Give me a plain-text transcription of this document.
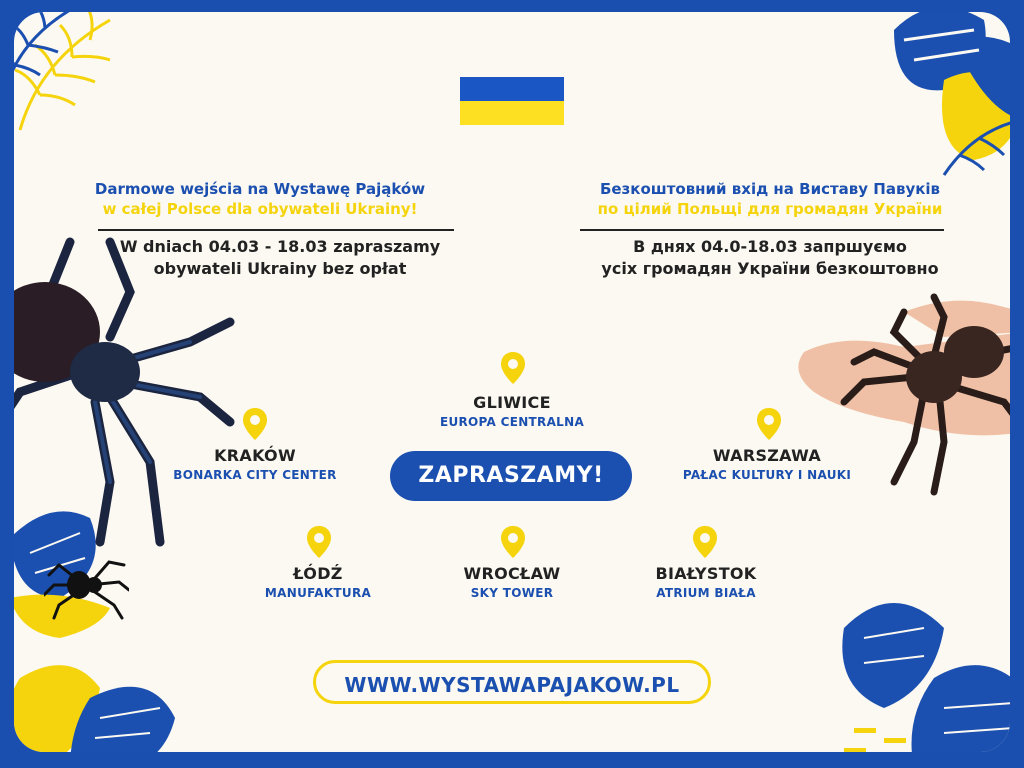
Darmowe wejścia na Wystawę Pająków
w całej Polsce dla obywateli Ukrainy!
W dniach 04.03 - 18.03 zapraszamy
obywateli Ukrainy bez opłat
Безкоштовний вхід на Виставу Павуків
по цілий Польщі для громадян України
В днях 04.0-18.03 запршуємо
усіх громадян України безкоштовно
GLIWICE
EUROPA CENTRALNA
KRAKÓW
BONARKA CITY CENTER
WARSZAWA
PAŁAC KULTURY I NAUKI
ŁÓDŹ
MANUFAKTURA
WROCŁAW
SKY TOWER
BIAŁYSTOK
ATRIUM BIAŁA
ZAPRASZAMY!
WWW.WYSTAWAPAJAKOW.PL
